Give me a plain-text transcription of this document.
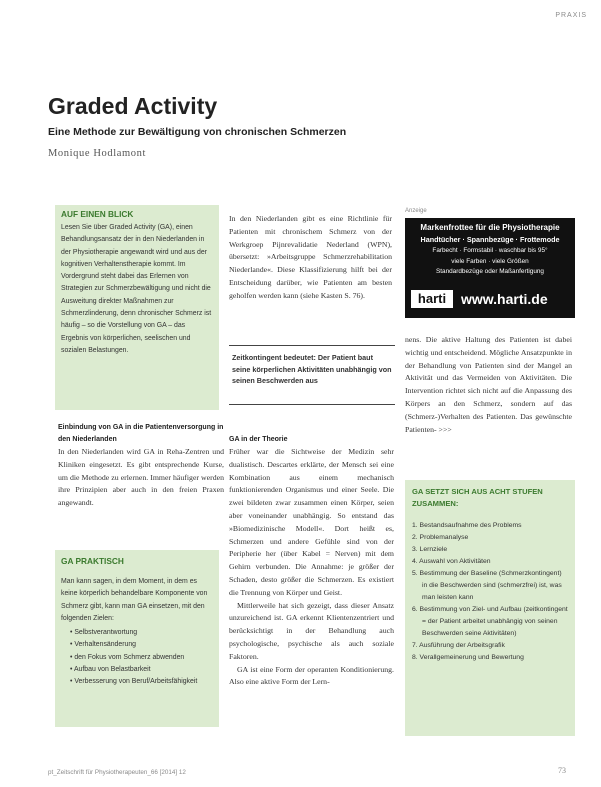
PRAXIS
Graded Activity
Eine Methode zur Bewältigung von chronischen Schmerzen
Monique Hodlamont
AUF EINEN BLICK

Lesen Sie über Graded Activity (GA), einen Behandlungsansatz der in den Niederlanden in der Physiotherapie angewandt wird und aus der kognitiven Verhaltenstherapie kommt. Im Vordergrund steht dabei das Erlernen von Strategien zur Schmerzbewältigung und nicht die Ausweitung direkter Maßnahmen zur Schmerzlinderung, denn chronischer Schmerz ist häufig – so die Vorstellung von GA – das Ergebnis von körperlichen, seelischen und sozialen Belastungen.

Einbindung von GA in die Patientenversorgung in den Niederlanden

In den Niederlanden wird GA in Reha-Zentren und Kliniken eingesetzt. Es gibt entsprechende Kurse, um die Methode zu erlernen. Immer häufiger werden ihre Prinzipien aber auch in den freien Praxen angewandt.

GA PRAKTISCH

Man kann sagen, in dem Moment, in dem es keine körperlich behandelbare Komponente von Schmerz gibt, kann man GA einsetzen, mit den folgenden Zielen:

• Selbstverantwortung
• Verhaltensänderung
• den Fokus vom Schmerz abwenden
• Aufbau von Belastbarkeit
• Verbesserung von Beruf/Arbeitsfähigkeit

In den Niederlanden gibt es eine Richtlinie für Patienten mit chronischem Schmerz von der Werkgroep Pijnrevalidatie Nederland (WPN), übersetzt: »Arbeitsgruppe Schmerzrehabilitation Niederlande«. Diese Klassifizierung hilft bei der Entscheidung darüber, wie Patienten am besten geholfen werden kann (siehe Kasten S. 76).

Zeitkontingent bedeutet: Der Patient baut seine körperlichen Aktivitäten unabhängig von seinen Beschwerden aus

GA in der Theorie

Früher war die Sichtweise der Medizin sehr dualistisch. Descartes erklärte, der Mensch sei eine Kombination aus einem mechanisch funktionierenden Organismus und einer Seele. Die zwei bildeten zwar zusammen einen Körper, seien aber voneinander unabhängig. So entstand das »Biomedizinische Modell«. Dort heißt es, Schmerzen und andere Gefühle sind von der Peripherie her (über Kabel = Nerven) mit dem Gehirn verbunden. Die Annahme: je größer der Schaden, desto größer die Schmerzen. Es existiert die Trennung von Körper und Geist.

Mittlerweile hat sich gezeigt, dass dieser Ansatz unzureichend ist. GA erkennt Klientenzentriert und berücksichtigt in der Behandlung auch psychologische, psychische als auch soziale Faktoren.

GA ist eine Form der operanten Konditionierung. Also eine aktive Form der Lern-

Anzeige
Markenfrottee für die Physiotherapie
Handtücher · Spannbezüge · Frottemode
Farbecht · Formstabil · waschbar bis 95°
viele Farben · viele Größen
Standardbezüge oder Maßanfertigung
harti	www.harti.de

nens. Die aktive Haltung des Patienten ist dabei wichtig und entscheidend. Mögliche Ansatzpunkte in der Behandlung von Patienten sind der Mangel an Aktivität und das Vermeiden von Aktivitäten. Die Intervention richtet sich nicht auf die Anpassung des Körpers an den Schmerz, sondern auf das (Schmerz-)Verhalten des Patienten. Das gewünschte Patienten- >>>

GA SETZT SICH AUS ACHT STUFEN ZUSAMMEN:
1. Bestandsaufnahme des Problems
2. Problemanalyse
3. Lernziele
4. Auswahl von Aktivitäten
5. Bestimmung der Baseline (Schmerzkontingent) in die Beschwerden sind (schmerzfrei) ist, was man leisten kann
6. Bestimmung von Ziel- und Aufbau (zeitkontingent = der Patient arbeitet unabhängig von seinen Beschwerden seine Aktivitäten)
7. Ausführung der Arbeitsgrafik
8. Verallgemeinerung und Bewertung
pt_Zeitschrift für Physiotherapeuten_66 [2014] 12	73
